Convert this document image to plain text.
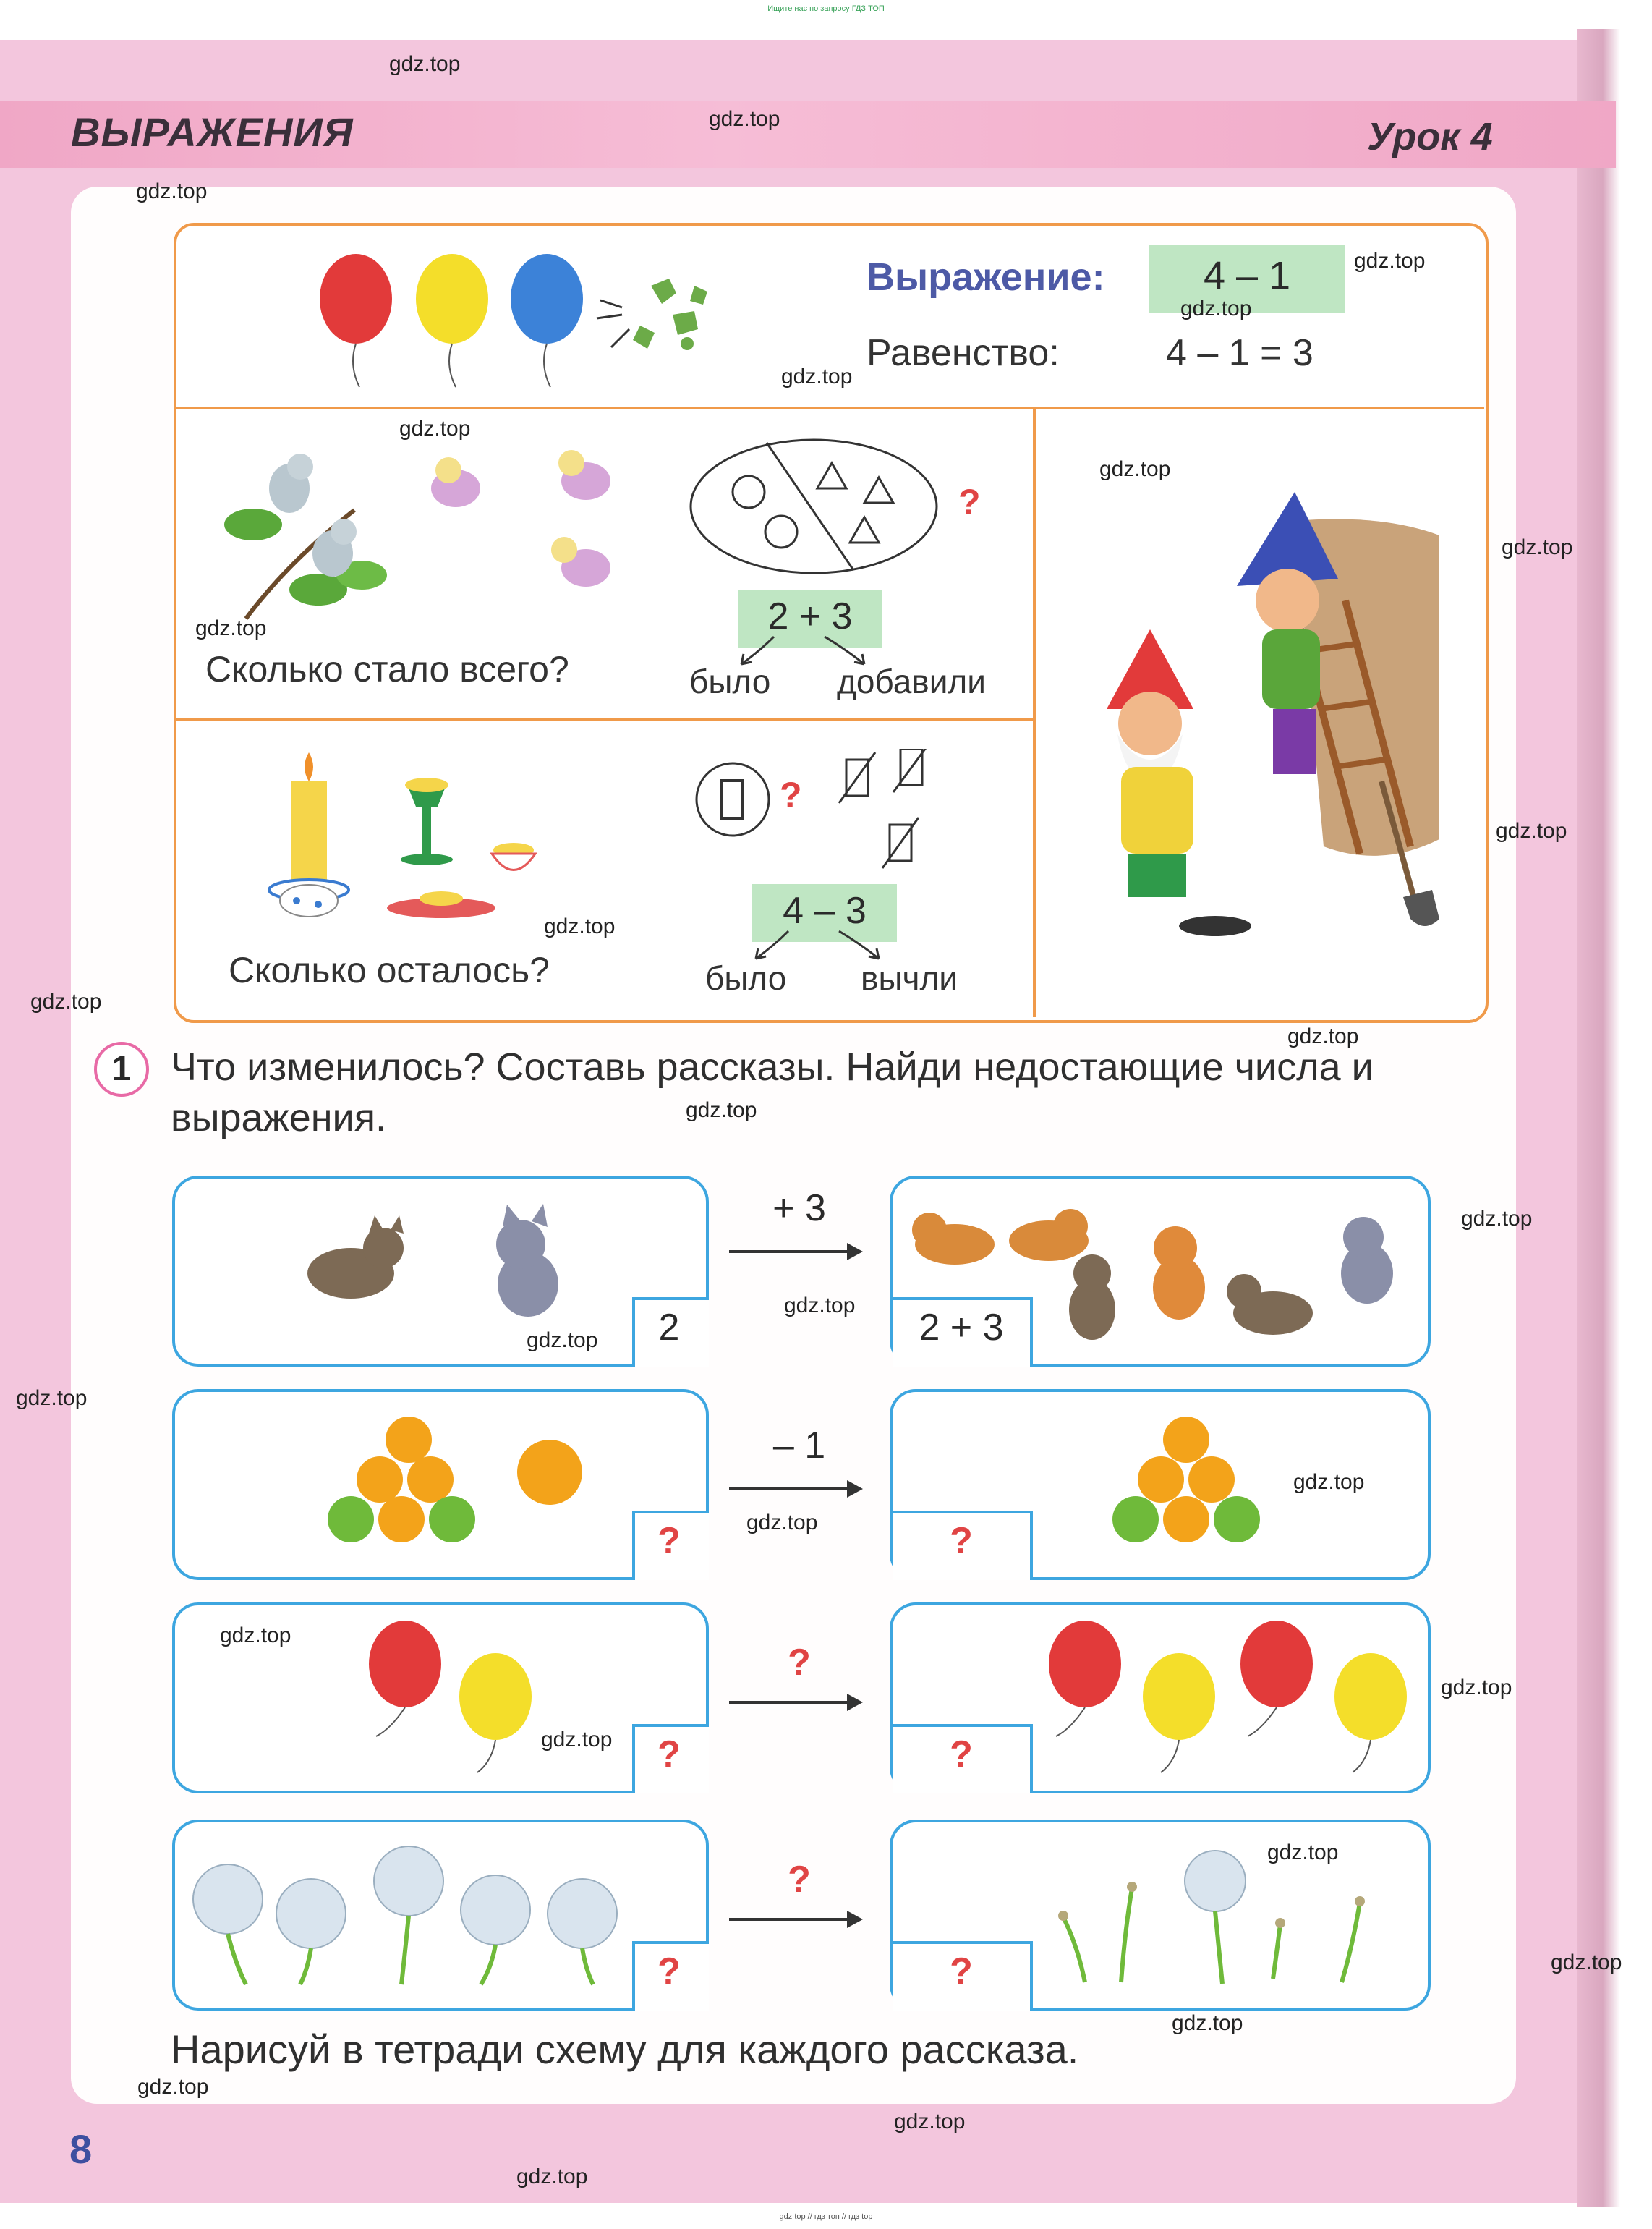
Ищите нас по запросу ГДЗ ТОП
ВЫРАЖЕНИЯ	Урок 4
Выражение:	4 – 1
Равенство:	4 – 1 = 3
?
2 + 3
было добавили
Сколько стало всего?
?
4 – 3
было вычли
Сколько осталось?
1	Что изменилось? Составь рассказы. Найди недостающие числа и выражения.
2
+ 3
2 + 3
?
– 1
?
?
?
?
?
?
?
Нарисуй в тетради схему для каждого рассказа.
8
gdz top // гдз топ // гдз top
gdz.top
gdz.top
gdz.top
gdz.top
gdz.top
gdz.top
gdz.top
gdz.top
gdz.top
gdz.top
gdz.top
gdz.top
gdz.top
gdz.top
gdz.top
gdz.top
gdz.top
gdz.top
gdz.top
gdz.top
gdz.top
gdz.top
gdz.top
gdz.top
gdz.top
gdz.top
gdz.top
gdz.top
gdz.top
gdz.top
